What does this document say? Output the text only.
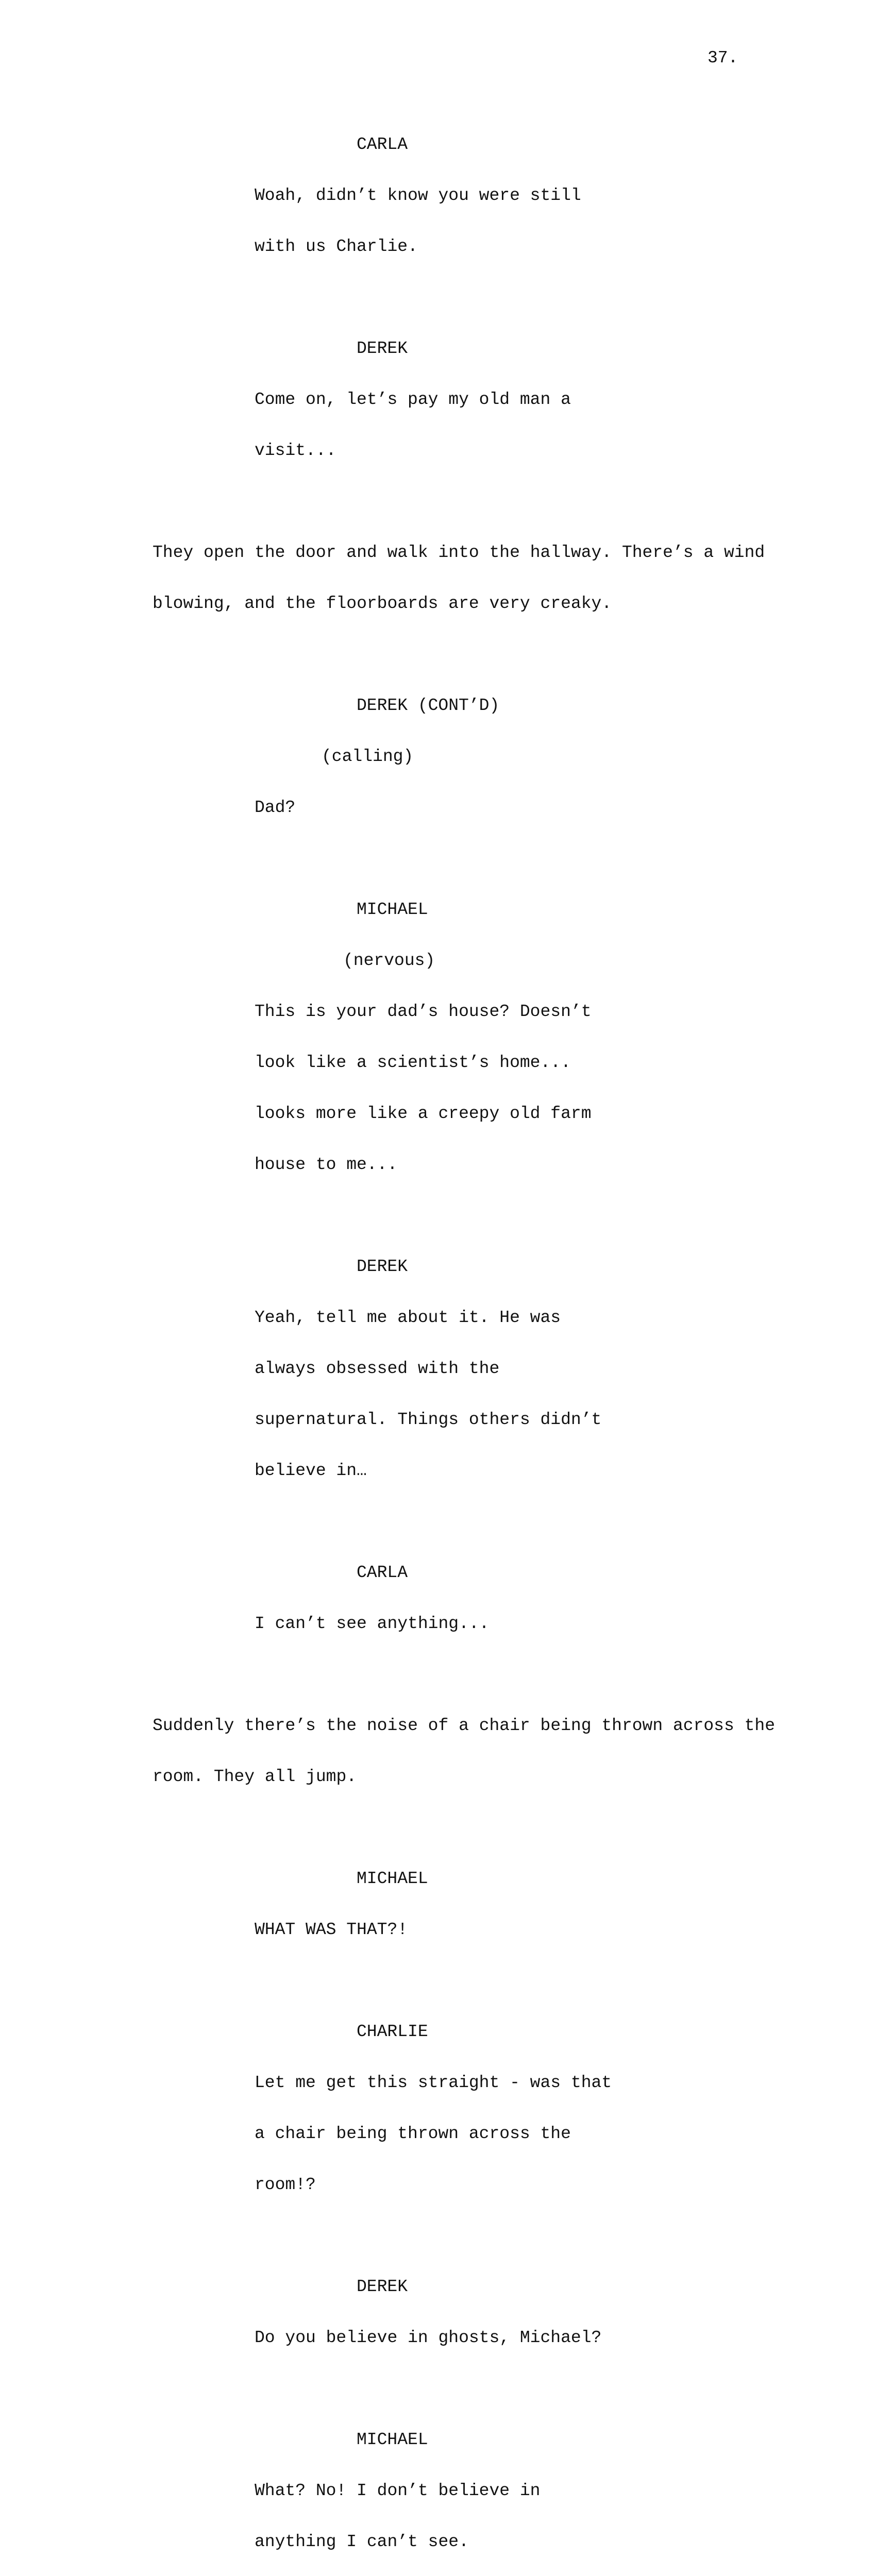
37.

CARLA

Woah, didn’t know you were still

with us Charlie.

DEREK

Come on, let’s pay my old man a

visit...

They open the door and walk into the hallway. There’s a wind

blowing, and the floorboards are very creaky.

DEREK (CONT’D)

(calling)

Dad?

MICHAEL

(nervous)

This is your dad’s house? Doesn’t

look like a scientist’s home...

looks more like a creepy old farm

house to me...

DEREK

Yeah, tell me about it. He was

always obsessed with the

supernatural. Things others didn’t

believe in…

CARLA

I can’t see anything...

Suddenly there’s the noise of a chair being thrown across the

room. They all jump.

MICHAEL

WHAT WAS THAT?!

CHARLIE

Let me get this straight - was that

a chair being thrown across the

room!?

DEREK

Do you believe in ghosts, Michael?

MICHAEL

What? No! I don’t believe in

anything I can’t see.
